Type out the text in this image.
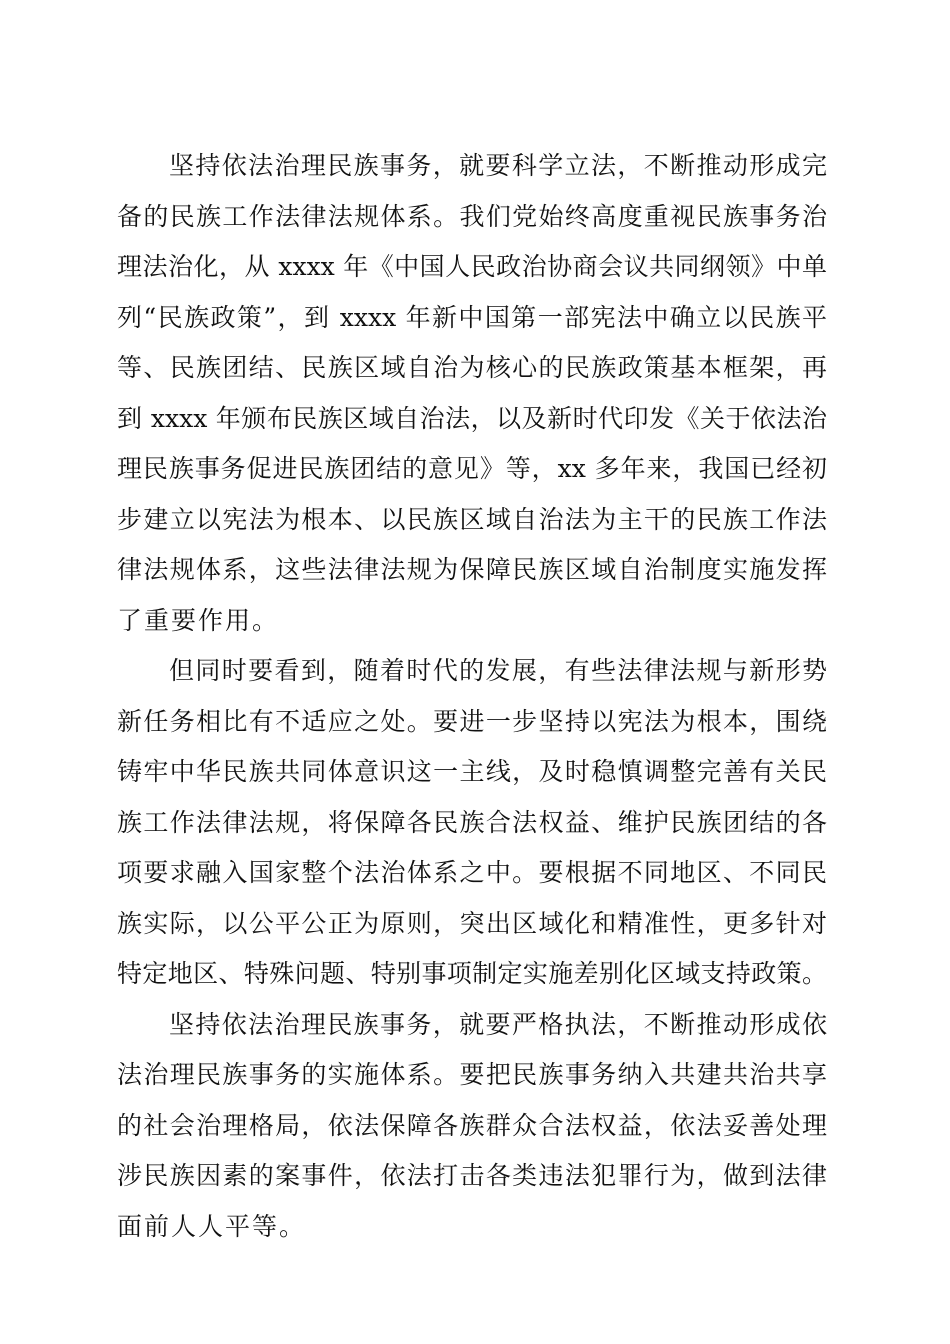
坚持依法治理民族事务，就要科学立法，不断推动形成完
备的民族工作法律法规体系。我们党始终高度重视民族事务治
理法治化，从 xxxx 年《中国人民政治协商会议共同纲领》中单
列“民族政策”，到 xxxx 年新中国第一部宪法中确立以民族平
等、民族团结、民族区域自治为核心的民族政策基本框架，再
到 xxxx 年颁布民族区域自治法，以及新时代印发《关于依法治
理民族事务促进民族团结的意见》等，xx 多年来，我国已经初
步建立以宪法为根本、以民族区域自治法为主干的民族工作法
律法规体系，这些法律法规为保障民族区域自治制度实施发挥
了重要作用。
但同时要看到，随着时代的发展，有些法律法规与新形势
新任务相比有不适应之处。要进一步坚持以宪法为根本，围绕
铸牢中华民族共同体意识这一主线，及时稳慎调整完善有关民
族工作法律法规，将保障各民族合法权益、维护民族团结的各
项要求融入国家整个法治体系之中。要根据不同地区、不同民
族实际，以公平公正为原则，突出区域化和精准性，更多针对
特定地区、特殊问题、特别事项制定实施差别化区域支持政策。
坚持依法治理民族事务，就要严格执法，不断推动形成依
法治理民族事务的实施体系。要把民族事务纳入共建共治共享
的社会治理格局，依法保障各族群众合法权益，依法妥善处理
涉民族因素的案事件，依法打击各类违法犯罪行为，做到法律
面前人人平等。
